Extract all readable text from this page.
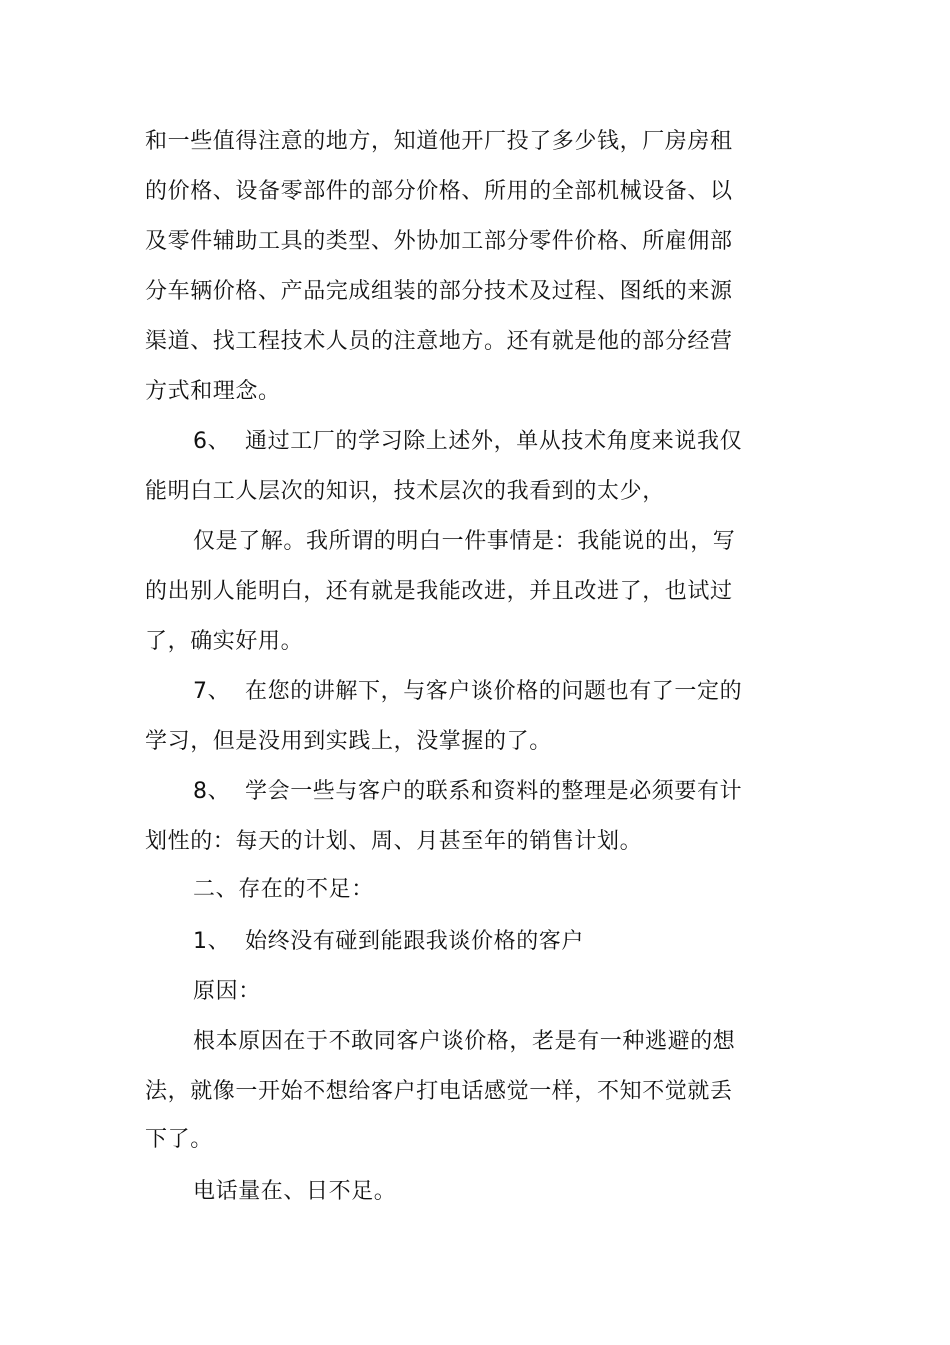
和一些值得注意的地方，知道他开厂投了多少钱，厂房房租
的价格、设备零部件的部分价格、所用的全部机械设备、以
及零件辅助工具的类型、外协加工部分零件价格、所雇佣部
分车辆价格、产品完成组装的部分技术及过程、图纸的来源
渠道、找工程技术人员的注意地方。还有就是他的部分经营
方式和理念。
6、 通过工厂的学习除上述外，单从技术角度来说我仅
能明白工人层次的知识，技术层次的我看到的太少，
仅是了解。我所谓的明白一件事情是：我能说的出，写
的出别人能明白，还有就是我能改进，并且改进了，也试过
了，确实好用。
7、 在您的讲解下，与客户谈价格的问题也有了一定的
学习，但是没用到实践上，没掌握的了。
8、 学会一些与客户的联系和资料的整理是必须要有计
划性的：每天的计划、周、月甚至年的销售计划。
二、存在的不足：
1、 始终没有碰到能跟我谈价格的客户
原因：
根本原因在于不敢同客户谈价格，老是有一种逃避的想
法，就像一开始不想给客户打电话感觉一样，不知不觉就丢
下了。
电话量在、日不足。
